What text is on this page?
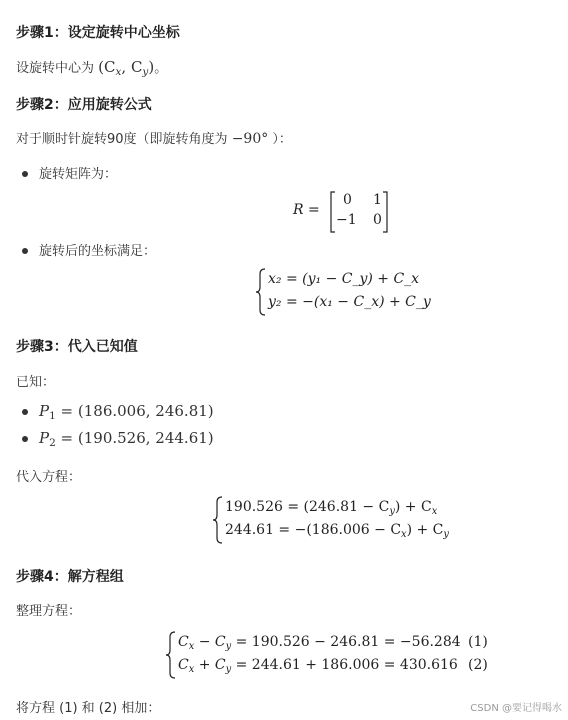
步骤1：设定旋转中心坐标
设旋转中心为 ($C_x$, $C_y$)。
步骤2：应用旋转公式
对于顺时针旋转90度（即旋转角度为 −90° ）：
旋转矩阵为：
R =
0 1
−1 0
旋转后的坐标满足：
x₂ = (y₁ − C_y) + C_x
y₂ = −(x₁ − C_x) + C_y
步骤3：代入已知值
已知：
$P_1 = (186.006$, 246.81)
$P_2 = (190.526$, 244.61)
代入方程：
$190.526 = (246.81 - C_y) + C_x$
$244.61 = -(186.006 - C_x) + C_y$
步骤4：解方程组
整理方程：
$C_x - C_y = 190.526 - 246.81 = -56.284$ (1)
$C_x + C_y = 244.61 + 186.006 = 430.616$ (2)
将方程 (1) 和 (2) 相加：	CSDN @要记得喝水
